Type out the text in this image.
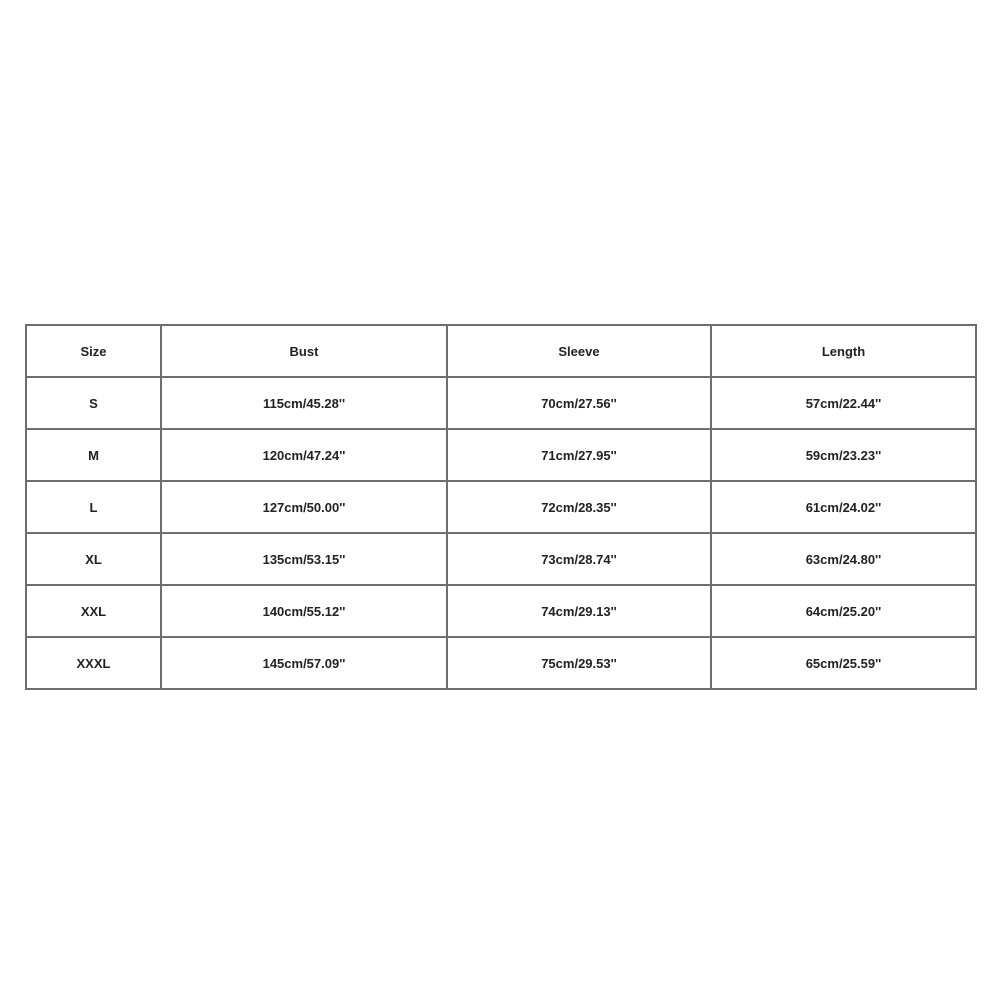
Size	Bust	Sleeve	Length
S	115cm/45.28''	70cm/27.56''	57cm/22.44''
M	120cm/47.24''	71cm/27.95''	59cm/23.23''
L	127cm/50.00''	72cm/28.35''	61cm/24.02''
XL	135cm/53.15''	73cm/28.74''	63cm/24.80''
XXL	140cm/55.12''	74cm/29.13''	64cm/25.20''
XXXL	145cm/57.09''	75cm/29.53''	65cm/25.59''
